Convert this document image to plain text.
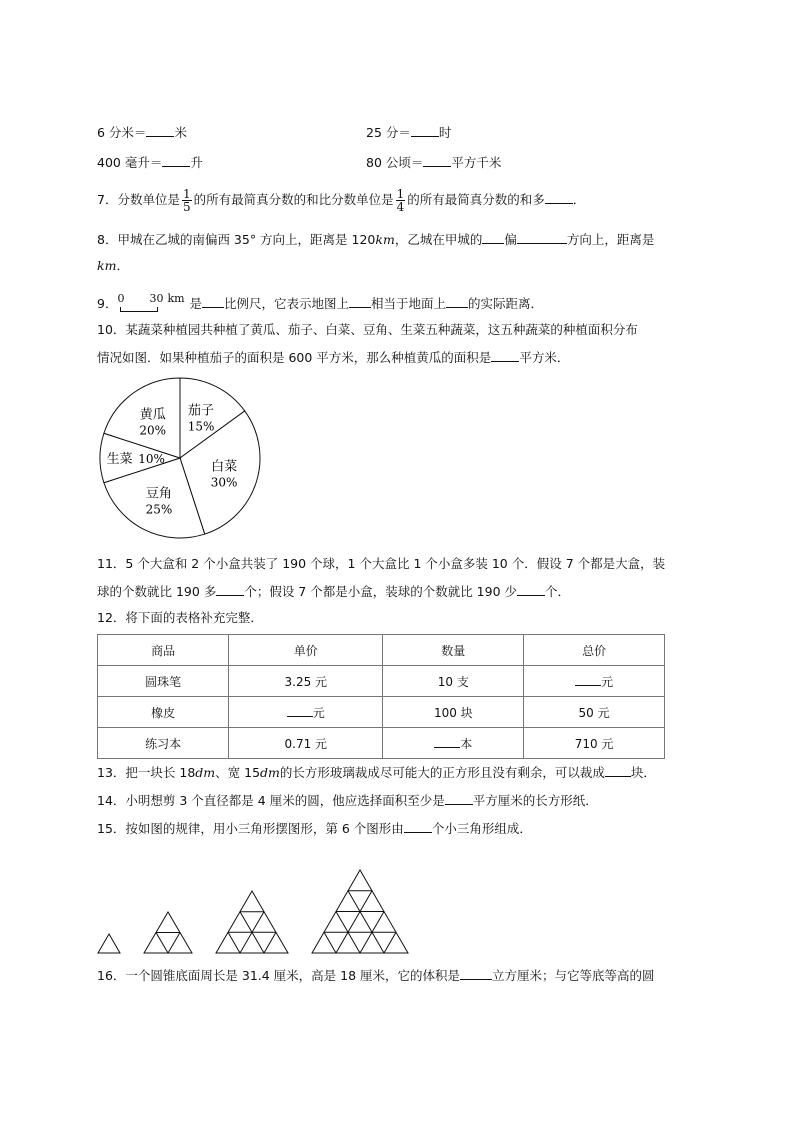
6 分米＝ 米	25 分＝ 时
400 毫升＝ 升	80 公顷＝ 平方千米
7．分数单位是 $\frac{1}{5}$ 的所有最简真分数的和比分数单位是 $\frac{1}{4}$ 的所有最简真分数的和多 ．
8．甲城在乙城的南偏西 35° 方向上，距离是 120km，乙城在甲城的 偏	方向上，距离是
km．
9． 0 30 km 是 比例尺，它表示地图上 相当于地面上 的实际距离．
10．某蔬菜种植园共种植了黄瓜、茄子、白菜、豆角、生菜五种蔬菜，这五种蔬菜的种植面积分布
情况如图．如果种植茄子的面积是 600 平方米，那么种植黄瓜的面积是 平方米．
茄子
15%
白菜
30%
豆角
25%
生菜 10%
黄瓜
20%
11．5 个大盒和 2 个小盒共装了 190 个球，1 个大盒比 1 个小盒多装 10 个．假设 7 个都是大盒，装
球的个数就比 190 多 个；假设 7 个都是小盒，装球的个数就比 190 少 个．
12．将下面的表格补充完整．
商品	单价	数量	总价
圆珠笔	3.25 元	10 支	元
橡皮	元	100 块	50 元
练习本	0.71 元	本	710 元
13．把一块长 18dm、宽 15dm的长方形玻璃裁成尽可能大的正方形且没有剩余，可以裁成 块．
14．小明想剪 3 个直径都是 4 厘米的圆，他应选择面积至少是 平方厘米的长方形纸．
15．按如图的规律，用小三角形摆图形，第 6 个图形由 个小三角形组成．
16．一个圆锥底面周长是 31.4 厘米，高是 18 厘米，它的体积是	立方厘米；与它等底等高的圆
